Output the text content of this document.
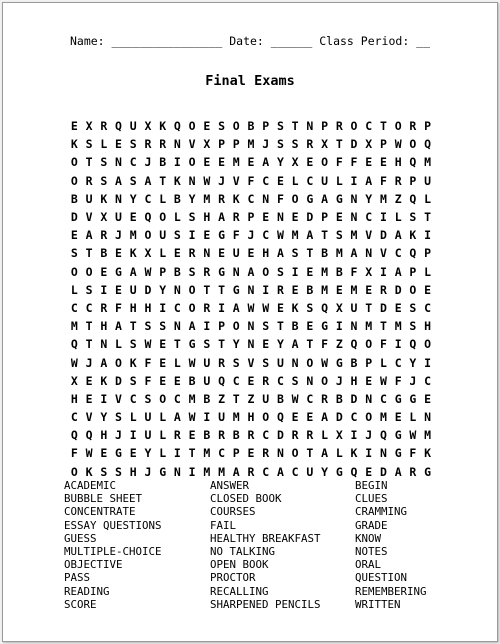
Name: ________________ Date: ______ Class Period: __
Final Exams
E X R Q U X K Q O E S O B P S T N P R O C T O R P
K S L E S R R N V X P P M J S S R X T D X P W O Q
O T S N C J B I O E E M E A Y X E O F F E E H Q M
O R S A S A T K N W J V F C E L C U L I A F R P U
B U K N Y C L B Y M R K C N F O G A G N Y M Z Q L
D V X U E Q O L S H A R P E N E D P E N C I L S T
E A R J M O U S I E G F J C W M A T S M V D A K I
S T B E K X L E R N E U E H A S T B M A N V C Q P
O O E G A W P B S R G N A O S I E M B F X I A P L
L S I E U D Y N O T T G N I R E B M E M E R D O E
C C R F H H I C O R I A W W E K S Q X U T D E S C
M T H A T S S N A I P O N S T B E G I N M T M S H
Q T N L S W E T G S T Y N E Y A T F Z Q O F I Q O
W J A O K F E L W U R S V S U N O W G B P L C Y I
X E K D S F E E B U Q C E R C S N O J H E W F J C
H E I V C S O C M B Z T Z U B W C R B D N C G G E
C V Y S L U L A W I U M H O Q E E A D C O M E L N
Q Q H J I U L R E B R B R C D R R L X I J Q G W M
F W E G E Y L I T M C P E R N O T A L K I N G F K
O K S S H J G N I M M A R C A C U Y G Q E D A R G
ACADEMIC
BUBBLE SHEET
CONCENTRATE
ESSAY QUESTIONS
GUESS
MULTIPLE-CHOICE
OBJECTIVE
PASS
READING
SCORE
ANSWER
CLOSED BOOK
COURSES
FAIL
HEALTHY BREAKFAST
NO TALKING
OPEN BOOK
PROCTOR
RECALLING
SHARPENED PENCILS
BEGIN
CLUES
CRAMMING
GRADE
KNOW
NOTES
ORAL
QUESTION
REMEMBERING
WRITTEN
